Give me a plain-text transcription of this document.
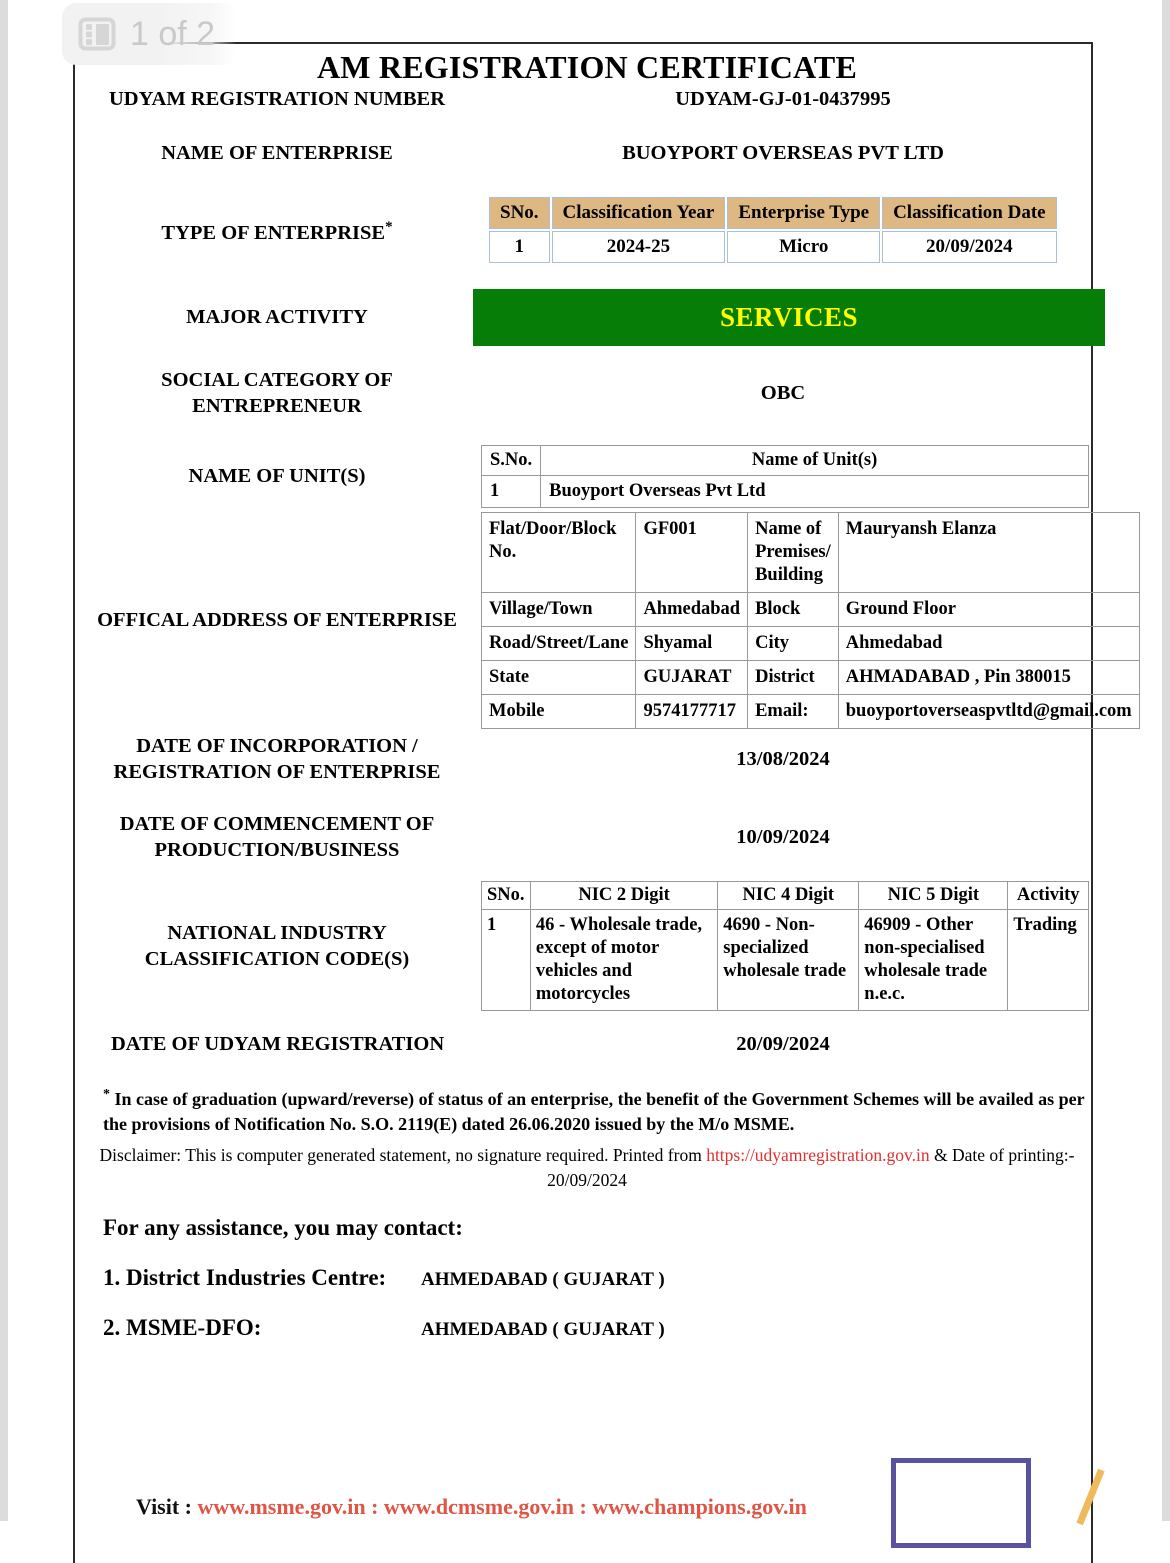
AM REGISTRATION CERTIFICATE
UDYAM REGISTRATION NUMBER	UDYAM-GJ-01-0437995
NAME OF ENTERPRISE	BUOYPORT OVERSEAS PVT LTD
TYPE OF ENTERPRISE*
SNo.	Classification Year	Enterprise Type	Classification Date
1	2024-25	Micro	20/09/2024
MAJOR ACTIVITY	SERVICES
SOCIAL CATEGORY OF ENTREPRENEUR
OBC
NAME OF UNIT(S)
S.No.	Name of Unit(s)
1	Buoyport Overseas Pvt Ltd
OFFICAL ADDRESS OF ENTERPRISE
Flat/Door/Block No.	GF001	Name of Premises/ Building	Mauryansh Elanza
Village/Town	Ahmedabad	Block	Ground Floor
Road/Street/Lane	Shyamal	City	Ahmedabad
State	GUJARAT	District	AHMADABAD , Pin 380015
Mobile	9574177717	Email:	buoyportoverseaspvtltd@gmail.com
DATE OF INCORPORATION / REGISTRATION OF ENTERPRISE
13/08/2024
DATE OF COMMENCEMENT OF PRODUCTION/BUSINESS
10/09/2024
NATIONAL INDUSTRY CLASSIFICATION CODE(S)
SNo.	NIC 2 Digit	NIC 4 Digit	NIC 5 Digit	Activity
1	46 - Wholesale trade, except of motor vehicles and motorcycles	4690 - Non-specialized wholesale trade	46909 - Other non-specialised wholesale trade n.e.c.	Trading
DATE OF UDYAM REGISTRATION	20/09/2024
* In case of graduation (upward/reverse) of status of an enterprise, the benefit of the Government Schemes will be availed as per the provisions of Notification No. S.O. 2119(E) dated 26.06.2020 issued by the M/o MSME.
Disclaimer: This is computer generated statement, no signature required. Printed from https://udyamregistration.gov.in & Date of printing:- 20/09/2024
For any assistance, you may contact:
1. District Industries Centre:	AHMEDABAD ( GUJARAT )
2. MSME-DFO:	AHMEDABAD ( GUJARAT )
Visit : www.msme.gov.in : www.dcmsme.gov.in : www.champions.gov.in
1 of 2
